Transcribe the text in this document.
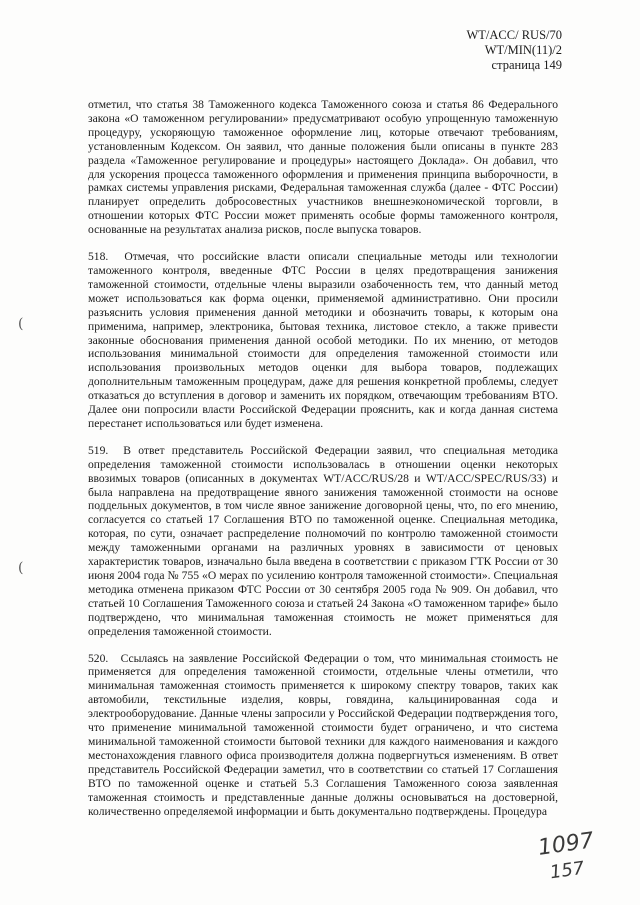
WT/ACC/ RUS/70
WT/MIN(11)/2
страница 149

отметил, что статья 38 Таможенного кодекса Таможенного союза и статья 86 Федерального закона «О таможенном регулировании» предусматривают особую упрощенную таможенную процедуру, ускоряющую таможенное оформление лиц, которые отвечают требованиям, установленным Кодексом. Он заявил, что данные положения были описаны в пункте 283 раздела «Таможенное регулирование и процедуры» настоящего Доклада». Он добавил, что для ускорения процесса таможенного оформления и применения принципа выборочности, в рамках системы управления рисками, Федеральная таможенная служба (далее - ФТС России) планирует определить добросовестных участников внешнеэкономической торговли, в отношении которых ФТС России может применять особые формы таможенного контроля, основанные на результатах анализа рисков, после выпуска товаров.

518. Отмечая, что российские власти описали специальные методы или технологии таможенного контроля, введенные ФТС России в целях предотвращения занижения таможенной стоимости, отдельные члены выразили озабоченность тем, что данный метод может использоваться как форма оценки, применяемой административно. Они просили разъяснить условия применения данной методики и обозначить товары, к которым она применима, например, электроника, бытовая техника, листовое стекло, а также привести законные обоснования применения данной особой методики. По их мнению, от методов использования минимальной стоимости для определения таможенной стоимости или использования произвольных методов оценки для выбора товаров, подлежащих дополнительным таможенным процедурам, даже для решения конкретной проблемы, следует отказаться до вступления в договор и заменить их порядком, отвечающим требованиям ВТО. Далее они попросили власти Российской Федерации прояснить, как и когда данная система перестанет использоваться или будет изменена.

519. В ответ представитель Российской Федерации заявил, что специальная методика определения таможенной стоимости использовалась в отношении оценки некоторых ввозимых товаров (описанных в документах WT/ACC/RUS/28 и WT/ACC/SPEC/RUS/33) и была направлена на предотвращение явного занижения таможенной стоимости на основе поддельных документов, в том числе явное занижение договорной цены, что, по его мнению, согласуется со статьей 17 Соглашения ВТО по таможенной оценке. Специальная методика, которая, по сути, означает распределение полномочий по контролю таможенной стоимости между таможенными органами на различных уровнях в зависимости от ценовых характеристик товаров, изначально была введена в соответствии с приказом ГТК России от 30 июня 2004 года № 755 «О мерах по усилению контроля таможенной стоимости». Специальная методика отменена приказом ФТС России от 30 сентября 2005 года № 909. Он добавил, что статьей 10 Соглашения Таможенного союза и статьей 24 Закона «О таможенном тарифе» было подтверждено, что минимальная таможенная стоимость не может применяться для определения таможенной стоимости.

520. Ссылаясь на заявление Российской Федерации о том, что минимальная стоимость не применяется для определения таможенной стоимости, отдельные члены отметили, что минимальная таможенная стоимость применяется к широкому спектру товаров, таких как автомобили, текстильные изделия, ковры, говядина, кальцинированная сода и электрооборудование. Данные члены запросили у Российской Федерации подтверждения того, что применение минимальной таможенной стоимости будет ограничено, и что система минимальной таможенной стоимости бытовой техники для каждого наименования и каждого местонахождения главного офиса производителя должна подвергнуться изменениям. В ответ представитель Российской Федерации заметил, что в соответствии со статьей 17 Соглашения ВТО по таможенной оценке и статьей 5.3 Соглашения Таможенного союза заявленная таможенная стоимость и представленные данные должны основываться на достоверной, количественно определяемой информации и быть документально подтверждены. Процедура

(
(
1097
157
